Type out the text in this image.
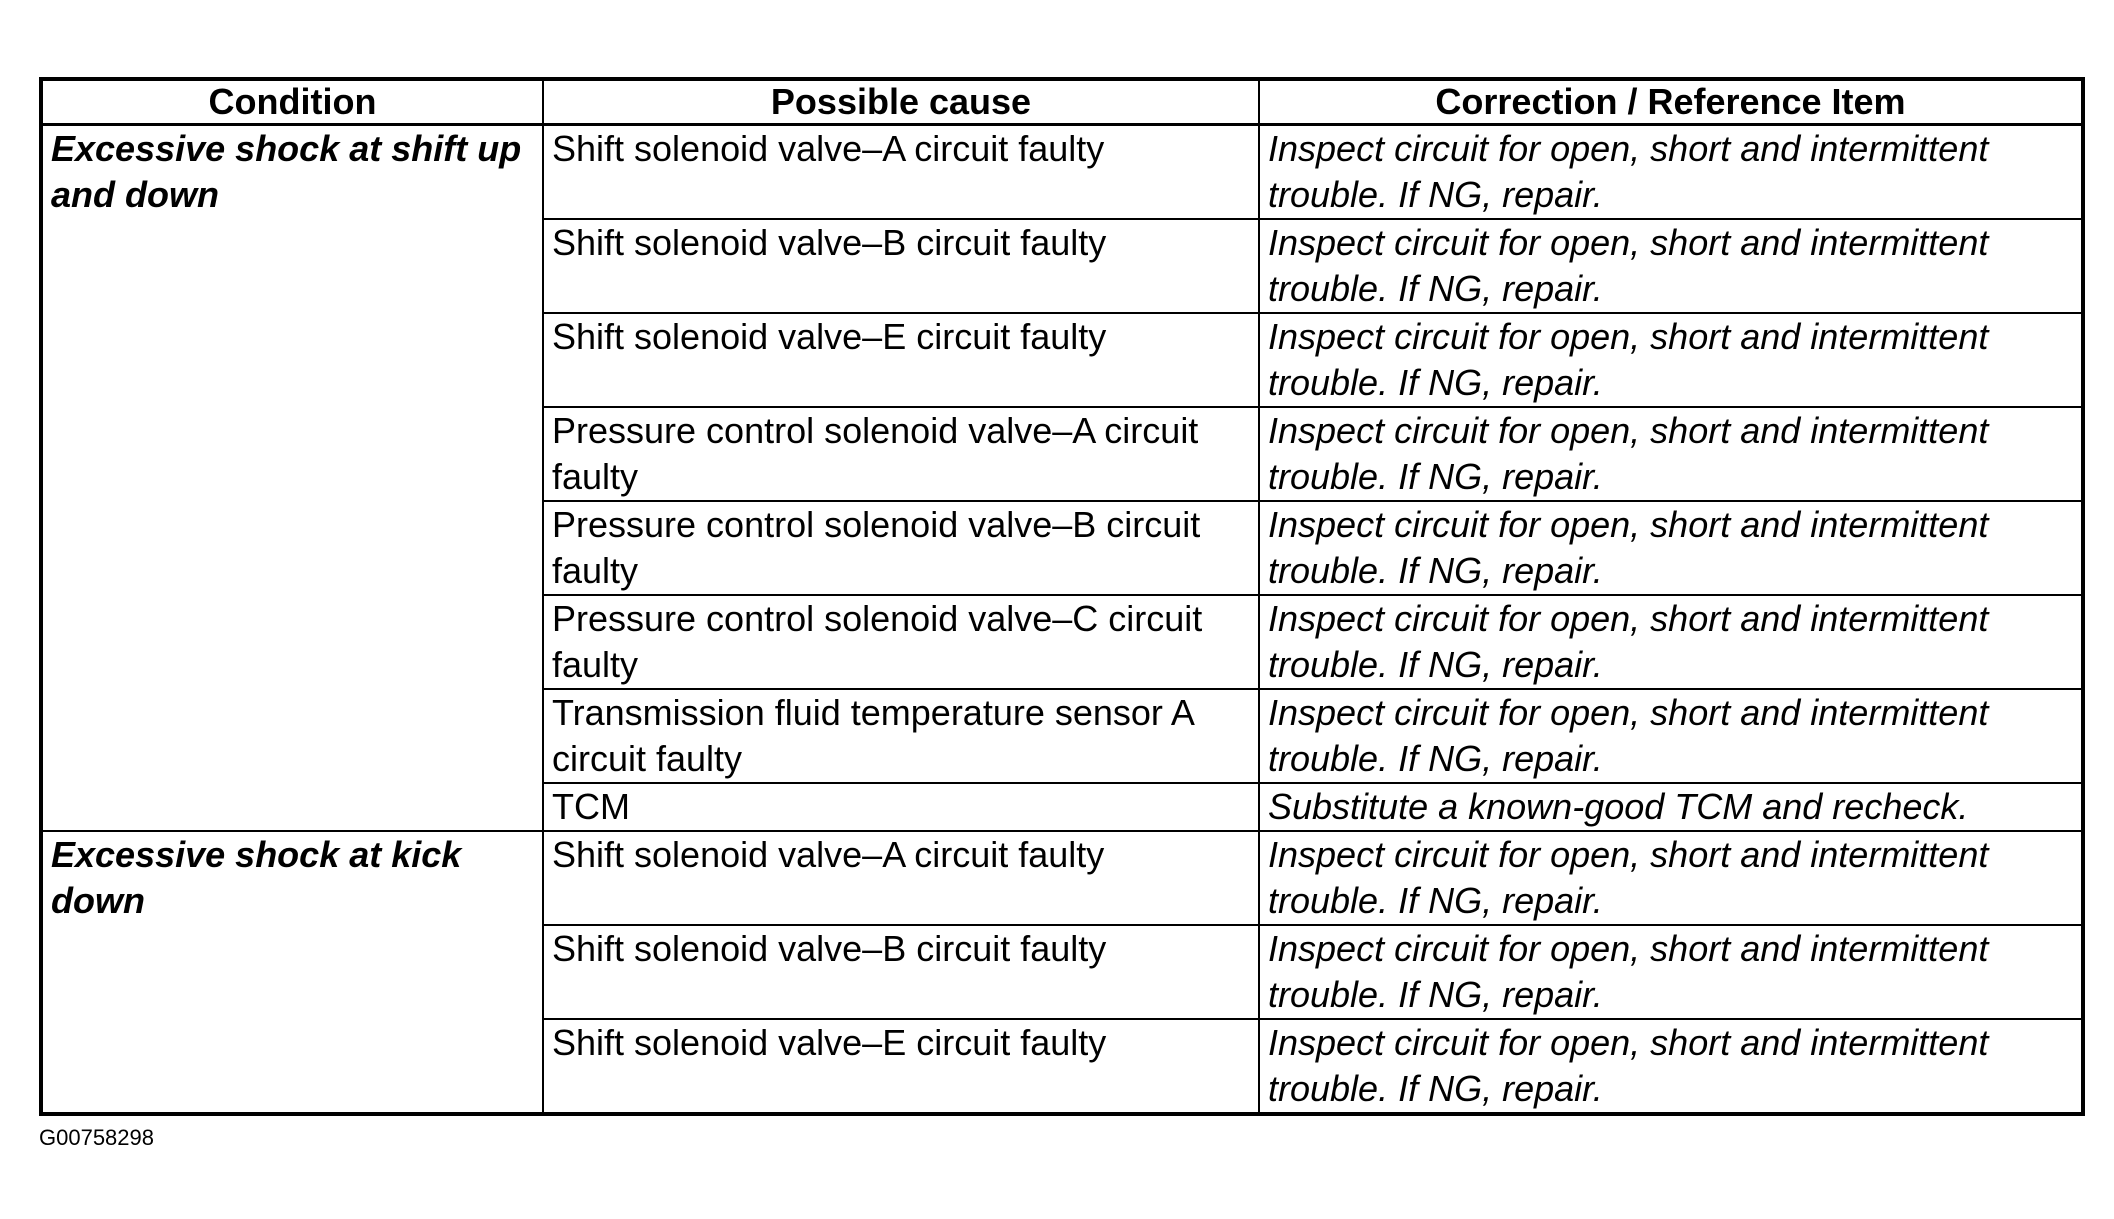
Condition	Possible cause	Correction / Reference Item
Excessive shock at shift up and down	Shift solenoid valve–A circuit faulty	Inspect circuit for open, short and intermittent trouble. If NG, repair.
	Shift solenoid valve–B circuit faulty	Inspect circuit for open, short and intermittent trouble. If NG, repair.
	Shift solenoid valve–E circuit faulty	Inspect circuit for open, short and intermittent trouble. If NG, repair.
	Pressure control solenoid valve–A circuit faulty	Inspect circuit for open, short and intermittent trouble. If NG, repair.
	Pressure control solenoid valve–B circuit faulty	Inspect circuit for open, short and intermittent trouble. If NG, repair.
	Pressure control solenoid valve–C circuit faulty	Inspect circuit for open, short and intermittent trouble. If NG, repair.
	Transmission fluid temperature sensor A circuit faulty	Inspect circuit for open, short and intermittent trouble. If NG, repair.
	TCM	Substitute a known-good TCM and recheck.
Excessive shock at kick down	Shift solenoid valve–A circuit faulty	Inspect circuit for open, short and intermittent trouble. If NG, repair.
	Shift solenoid valve–B circuit faulty	Inspect circuit for open, short and intermittent trouble. If NG, repair.
	Shift solenoid valve–E circuit faulty	Inspect circuit for open, short and intermittent trouble. If NG, repair.
G00758298
